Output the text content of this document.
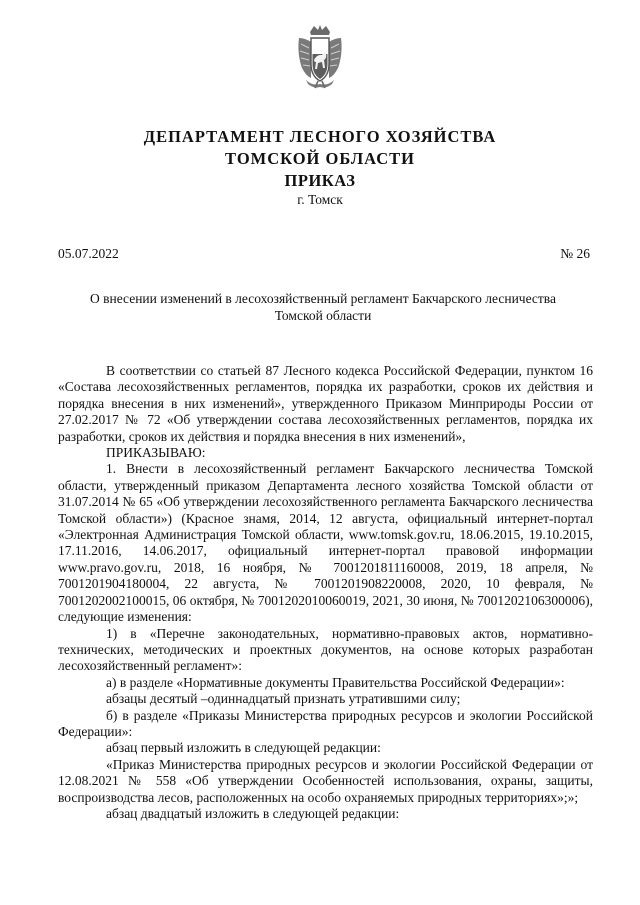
ДЕПАРТАМЕНТ ЛЕСНОГО ХОЗЯЙСТВА
ТОМСКОЙ ОБЛАСТИ
ПРИКАЗ
г. Томск
05.07.2022	№ 26
О внесении изменений в лесохозяйственный регламент Бакчарского лесничества Томской области

В соответствии со статьей 87 Лесного кодекса Российской Федерации, пунктом 16 «Состава лесохозяйственных регламентов, порядка их разработки, сроков их действия и порядка внесения в них изменений», утвержденного Приказом Минприроды России от 27.02.2017 № 72 «Об утверждении состава лесохозяйственных регламентов, порядка их разработки, сроков их действия и порядка внесения в них изменений»,

ПРИКАЗЫВАЮ:

1. Внести в лесохозяйственный регламент Бакчарского лесничества Томской области, утвержденный приказом Департамента лесного хозяйства Томской области от 31.07.2014 № 65 «Об утверждении лесохозяйственного регламента Бакчарского лесничества Томской области») (Красное знамя, 2014, 12 августа, официальный интернет-портал «Электронная Администрация Томской области, www.tomsk.gov.ru, 18.06.2015, 19.10.2015, 17.11.2016, 14.06.2017, официальный интернет-портал правовой информации www.pravo.gov.ru, 2018, 16 ноября, № 7001201811160008, 2019, 18 апреля, № 7001201904180004, 22 августа, № 7001201908220008, 2020, 10 февраля, № 7001202002100015, 06 октября, № 7001202010060019, 2021, 30 июня, № 7001202106300006), следующие изменения:

1) в «Перечне законодательных, нормативно-правовых актов, нормативно-технических, методических и проектных документов, на основе которых разработан лесохозяйственный регламент»:

а) в разделе «Нормативные документы Правительства Российской Федерации»:

абзацы десятый –одиннадцатый признать утратившими силу;

б) в разделе «Приказы Министерства природных ресурсов и экологии Российской Федерации»:

абзац первый изложить в следующей редакции:

«Приказ Министерства природных ресурсов и экологии Российской Федерации от 12.08.2021 № 558 «Об утверждении Особенностей использования, охраны, защиты, воспроизводства лесов, расположенных на особо охраняемых природных территориях»;»;

абзац двадцатый изложить в следующей редакции:
